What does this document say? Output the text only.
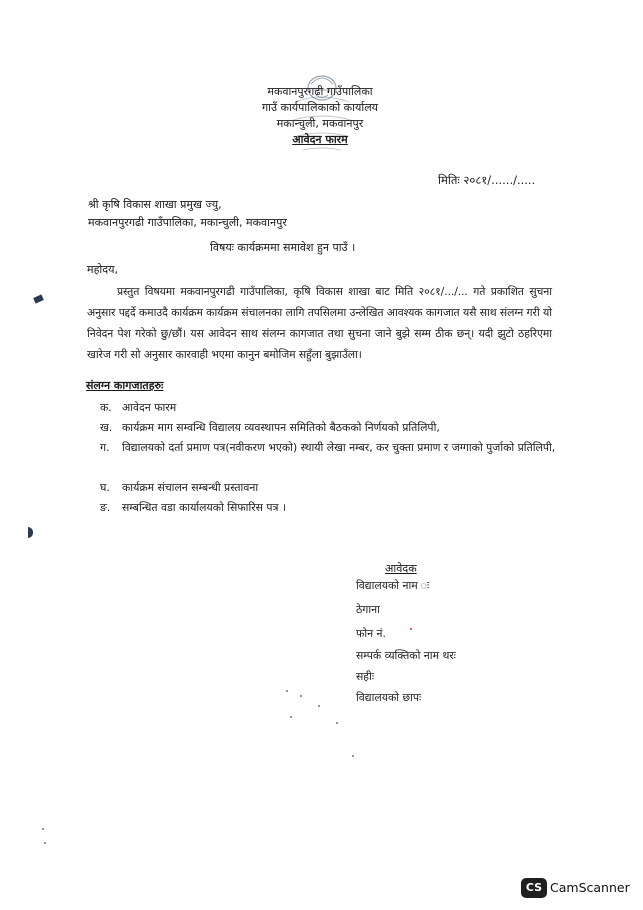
मकवानपुरगढी गाउँपालिका
गाउँ कार्यपालिकाको कार्यालय
मकान्चुली, मकवानपुर
आवेदन फारम
मितिः २०८१/....../.....
श्री कृषि विकास शाखा प्रमुख ज्यु,
मकवानपुरगढी गाउँपालिका, मकान्चुली, मकवानपुर
विषयः कार्यक्रममा समावेश हुन पाउँ ।
महोदय,
प्रस्तुत विषयमा मकवानपुरगढी गाउँपालिका, कृषि विकास शाखा बाट मिति २०८१/.../... गते प्रकाशित सुचना अनुसार पद्दर्दे कमाउदै कार्यक्रम कार्यक्रम संचालनका लागि तपसिलमा उन्लेखित आवश्यक कागजात यसै साथ संलग्न गरी यो निवेदन पेश गरेको छु/छौं। यस आवेदन साथ संलग्न कागजात तथा सुचना जाने बुझे सम्म ठीक छन्। यदी झुटो ठहरिएमा खारेज गरी सो अनुसार कारवाही भएमा कानुन बमोजिम सहुँला बुझाउँला।
संलग्न कागजातहरुः
क. आवेदन फारम
ख. कार्यक्रम माग सम्वन्धि विद्यालय व्यवस्थापन समितिको बैठकको निर्णयको प्रतिलिपी,
ग. विद्यालयको दर्ता प्रमाण पत्र(नवीकरण भएको) स्थायी लेखा नम्बर, कर चुक्ता प्रमाण र जग्गाको पुर्जाको प्रतिलिपी,
घ. कार्यक्रम संचालन सम्बन्धी प्रस्तावना
ङ. सम्बन्धित वडा कार्यालयको सिफारिस पत्र ।
आवेदक
विद्यालयको नाम ः
ठेगाना
फोन नं.
सम्पर्क व्यक्तिको नाम थरः
सहीः
विद्यालयको छापः
CS CamScanner
